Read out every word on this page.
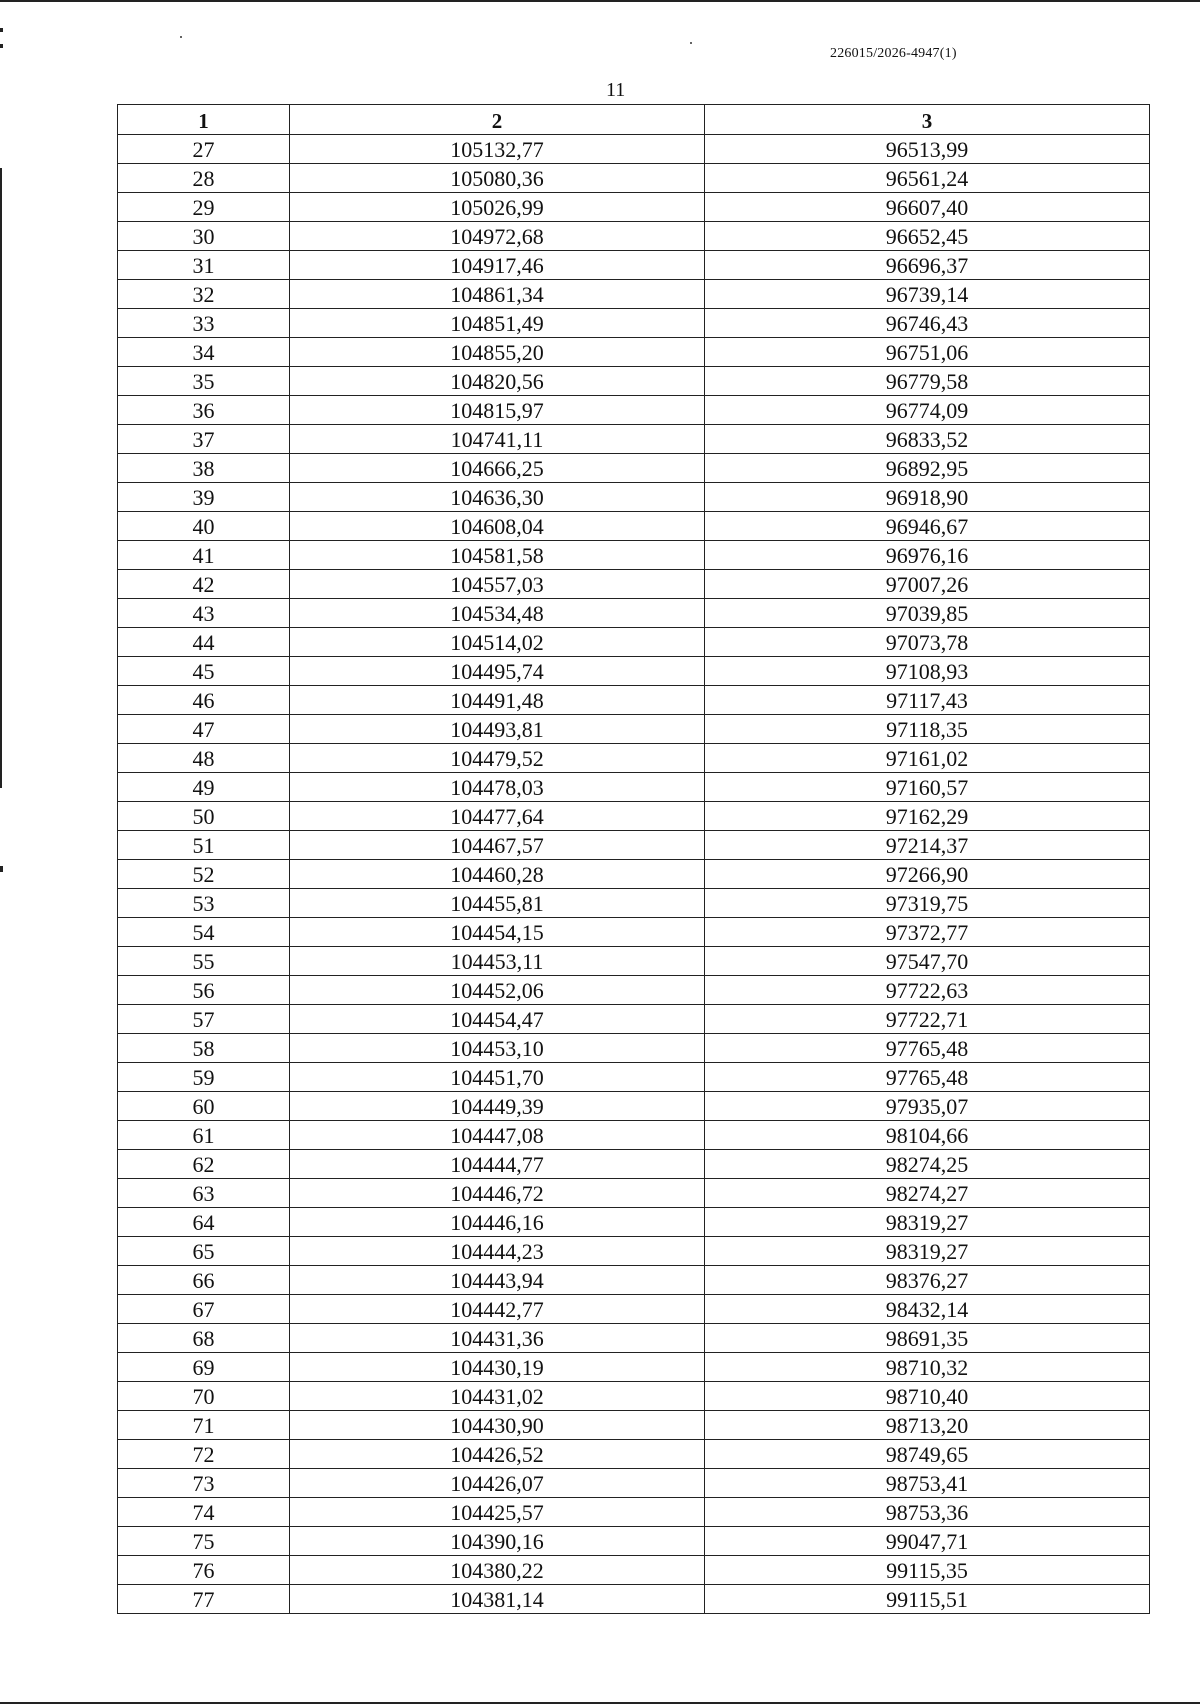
226015/2026-4947(1)
11
1	2	3
27	105132,77	96513,99
28	105080,36	96561,24
29	105026,99	96607,40
30	104972,68	96652,45
31	104917,46	96696,37
32	104861,34	96739,14
33	104851,49	96746,43
34	104855,20	96751,06
35	104820,56	96779,58
36	104815,97	96774,09
37	104741,11	96833,52
38	104666,25	96892,95
39	104636,30	96918,90
40	104608,04	96946,67
41	104581,58	96976,16
42	104557,03	97007,26
43	104534,48	97039,85
44	104514,02	97073,78
45	104495,74	97108,93
46	104491,48	97117,43
47	104493,81	97118,35
48	104479,52	97161,02
49	104478,03	97160,57
50	104477,64	97162,29
51	104467,57	97214,37
52	104460,28	97266,90
53	104455,81	97319,75
54	104454,15	97372,77
55	104453,11	97547,70
56	104452,06	97722,63
57	104454,47	97722,71
58	104453,10	97765,48
59	104451,70	97765,48
60	104449,39	97935,07
61	104447,08	98104,66
62	104444,77	98274,25
63	104446,72	98274,27
64	104446,16	98319,27
65	104444,23	98319,27
66	104443,94	98376,27
67	104442,77	98432,14
68	104431,36	98691,35
69	104430,19	98710,32
70	104431,02	98710,40
71	104430,90	98713,20
72	104426,52	98749,65
73	104426,07	98753,41
74	104425,57	98753,36
75	104390,16	99047,71
76	104380,22	99115,35
77	104381,14	99115,51
